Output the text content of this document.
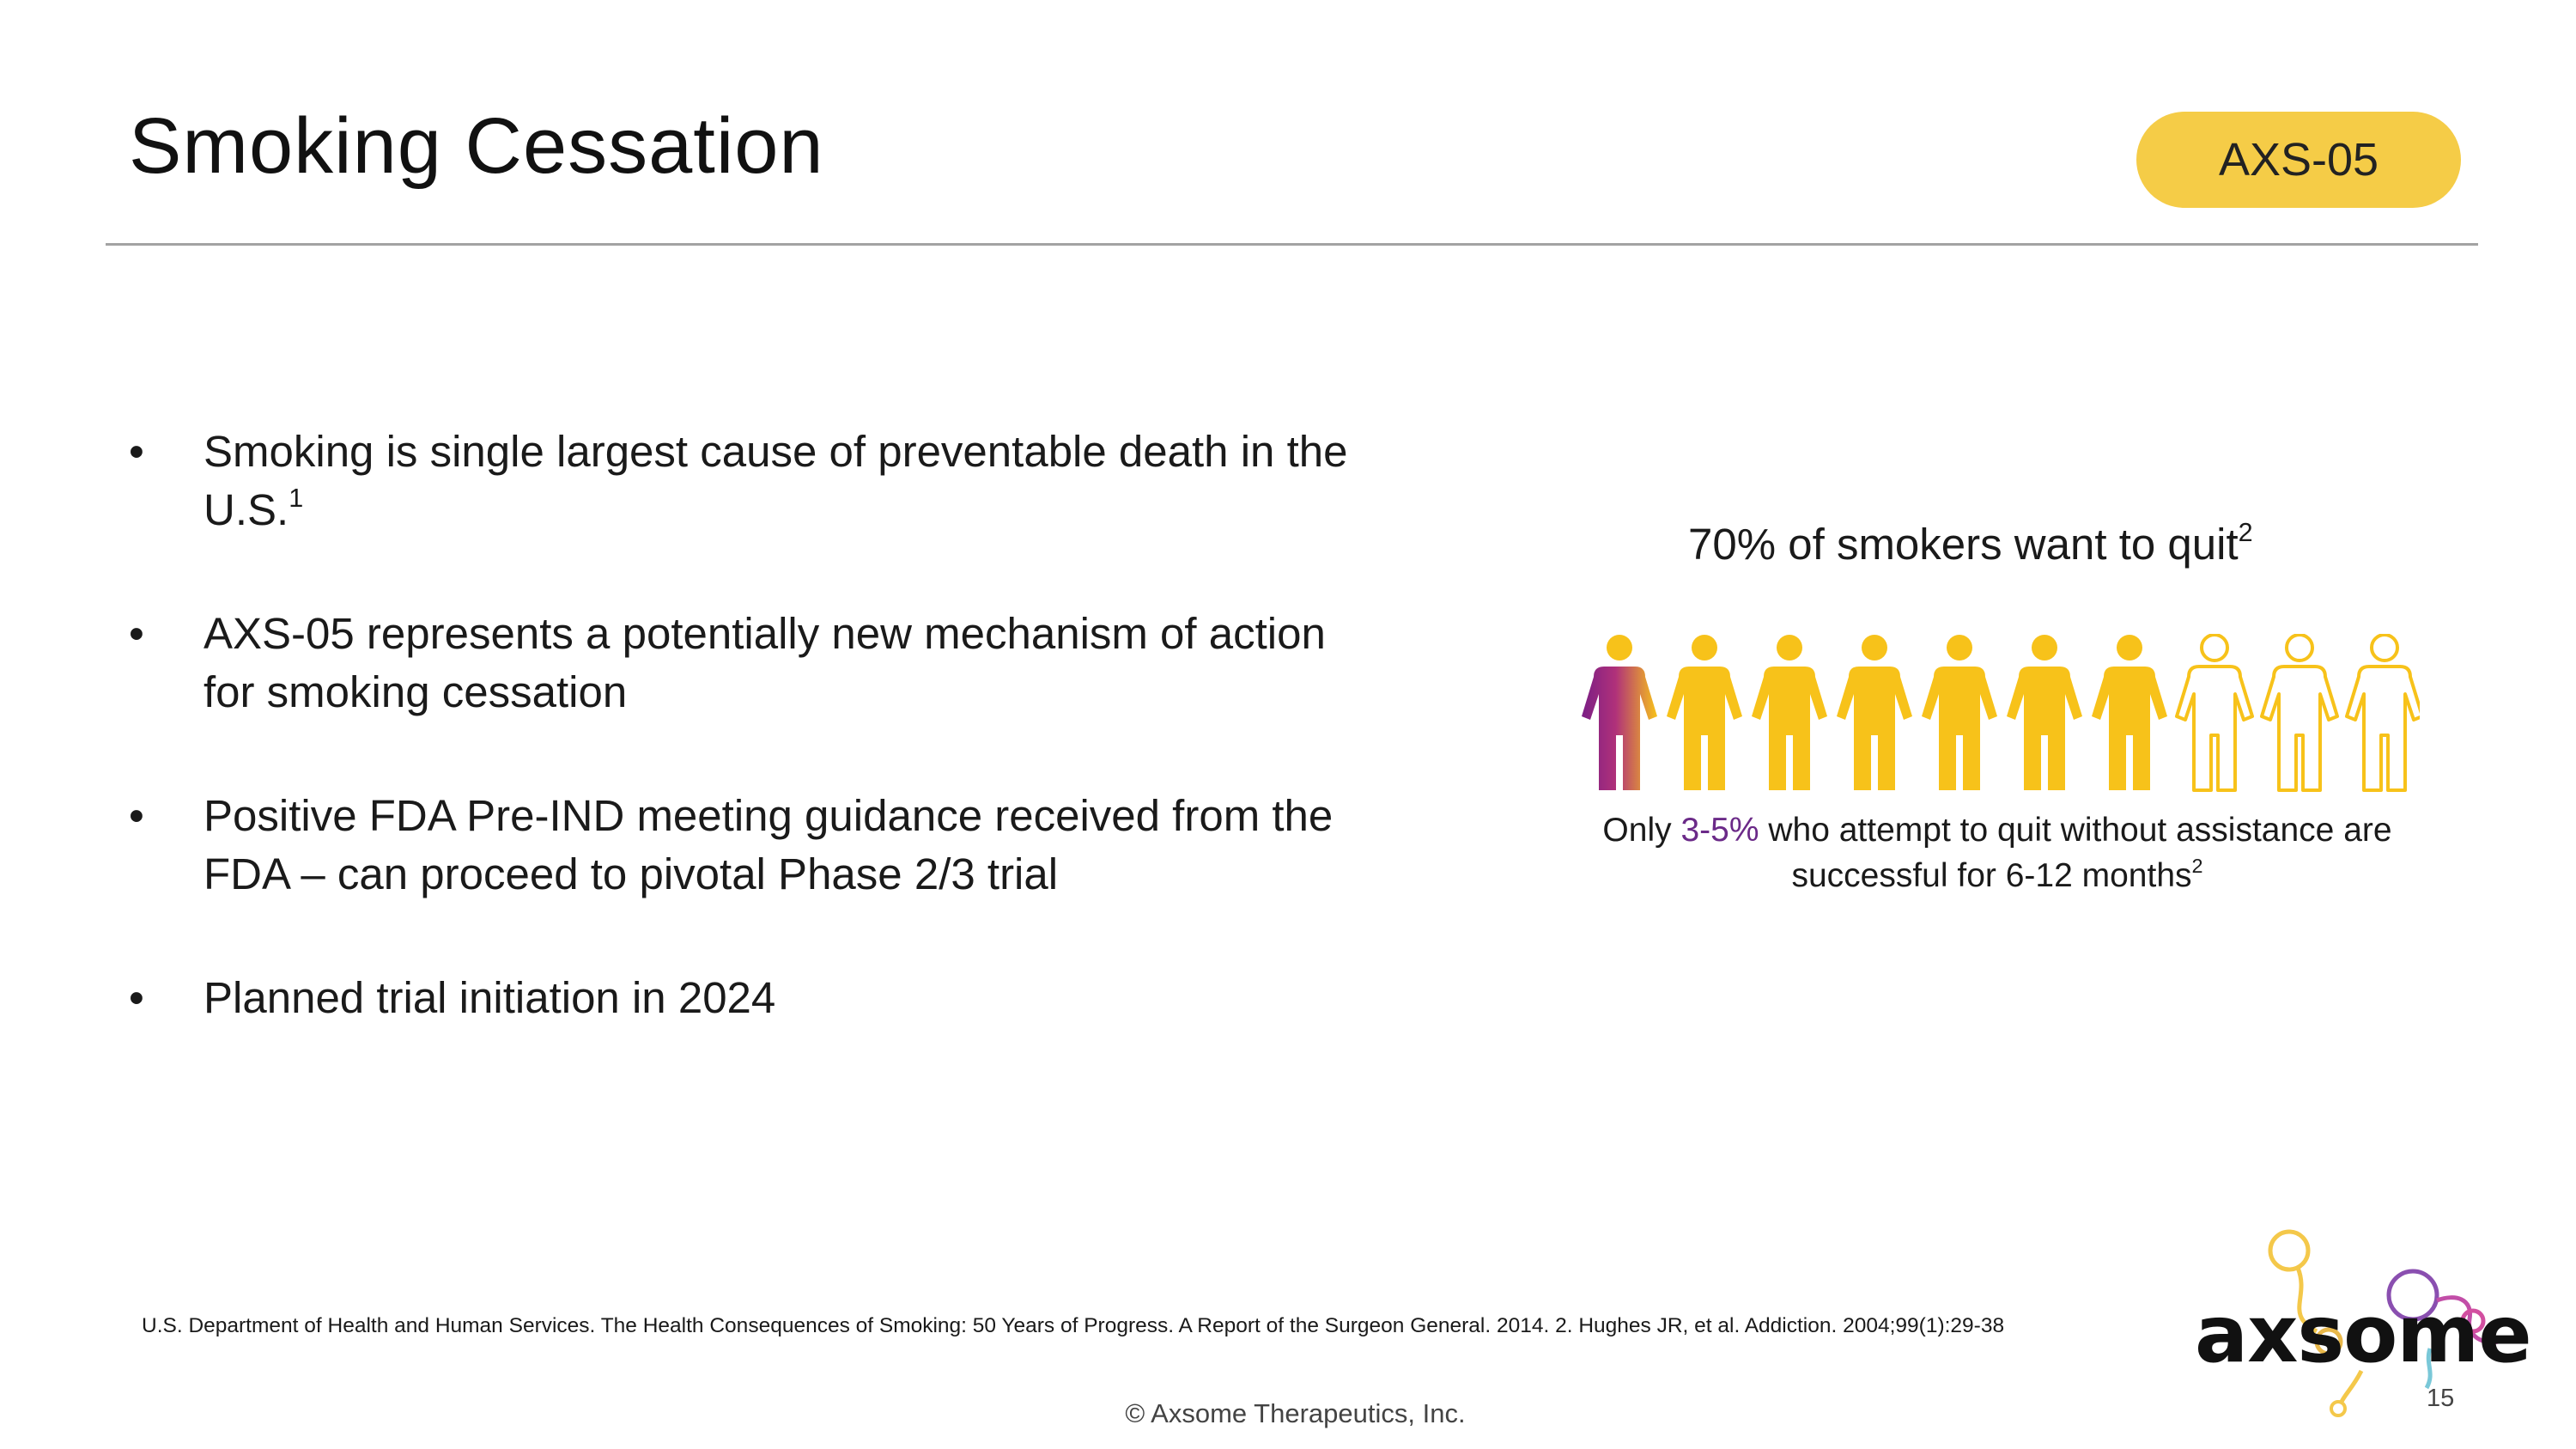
Smoking Cessation	AXS-05
•	Smoking is single largest cause of preventable death in the U.S.$^1$
•	AXS-05 represents a potentially new mechanism of action for smoking cessation
•	Positive FDA Pre-IND meeting guidance received from the FDA – can proceed to pivotal Phase 2/3 trial
•	Planned trial initiation in 2024
70% of smokers want to quit$^2$
Only 3-5% who attempt to quit without assistance are successful for 6-12 months$^2$
U.S. Department of Health and Human Services. The Health Consequences of Smoking: 50 Years of Progress. A Report of the Surgeon General. 2014. 2. Hughes JR, et al. Addiction. 2004;99(1):29-38
© Axsome Therapeutics, Inc.	15
axsome
